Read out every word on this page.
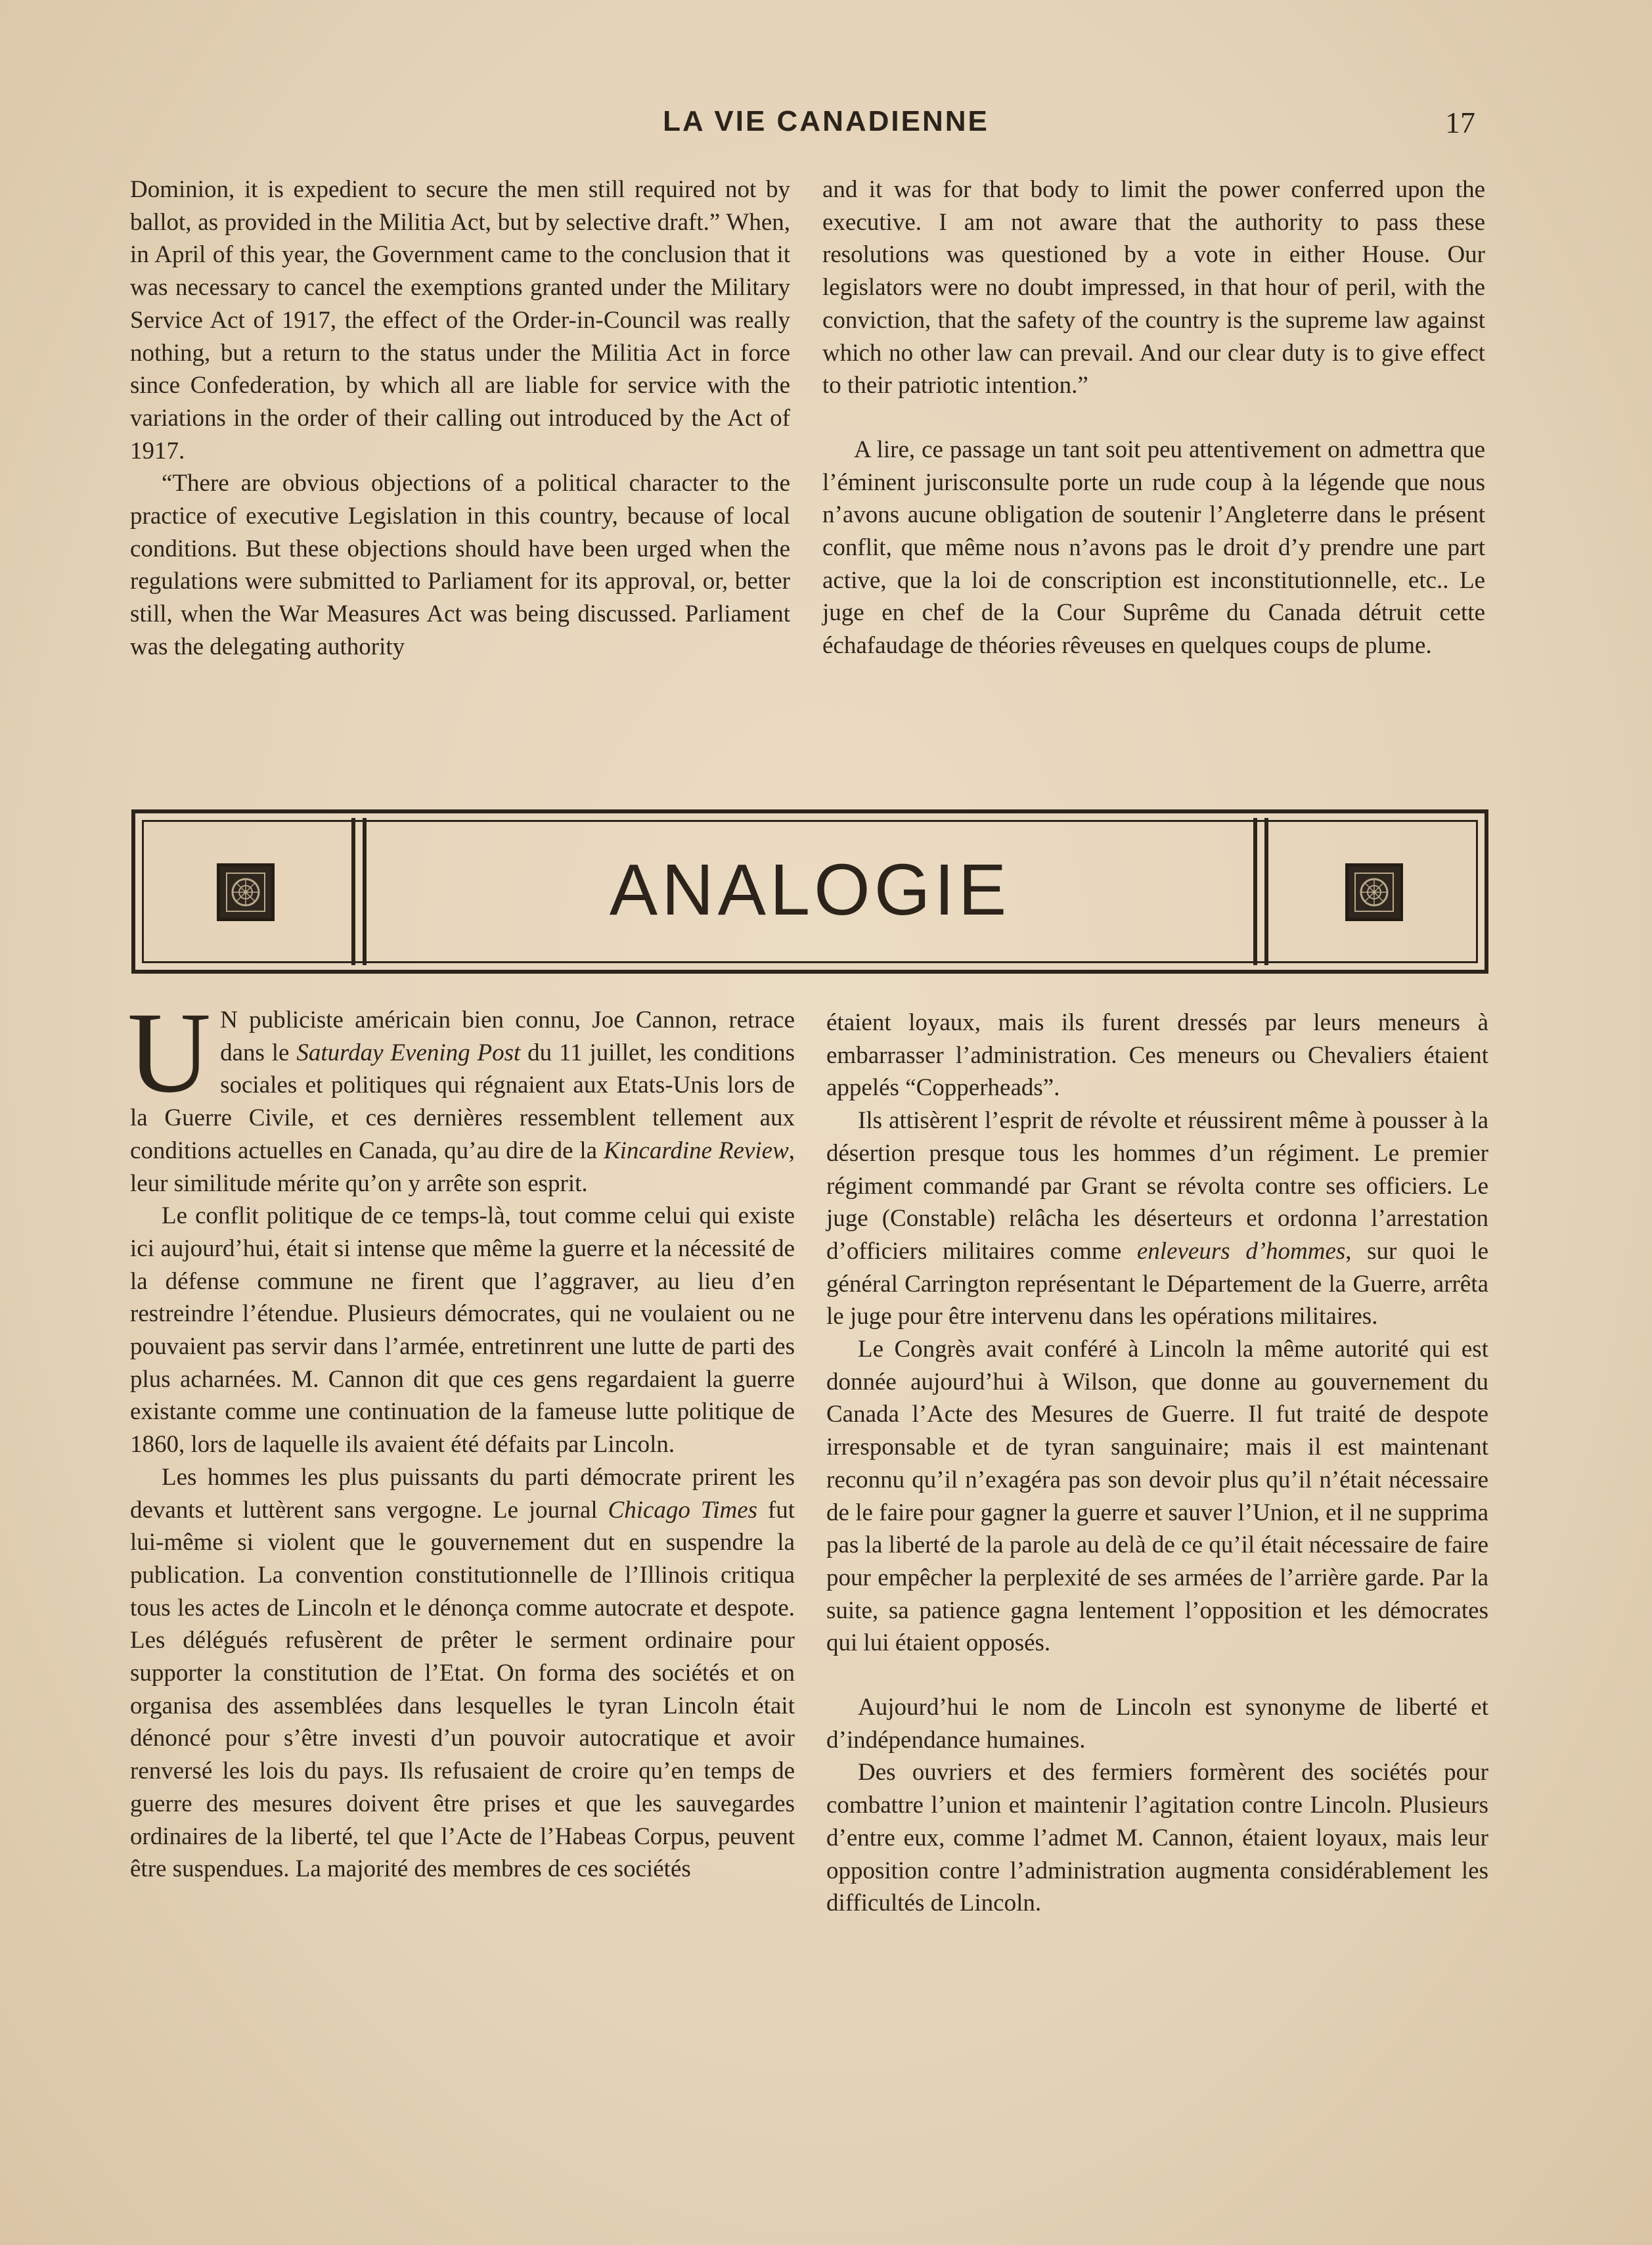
LA VIE CANADIENNE	17

Dominion, it is expedient to secure the men still required not by ballot, as provided in the Militia Act, but by selective draft.” When, in April of this year, the Government came to the conclusion that it was necessary to cancel the exemptions granted under the Military Service Act of 1917, the effect of the Order-in-Council was really nothing, but a return to the status under the Militia Act in force since Confederation, by which all are liable for service with the variations in the order of their calling out introduced by the Act of 1917.

“There are obvious objections of a political character to the practice of executive Legislation in this country, because of local conditions. But these objections should have been urged when the regulations were submitted to Parliament for its approval, or, better still, when the War Measures Act was being discussed. Parliament was the delegating authority

and it was for that body to limit the power conferred upon the executive. I am not aware that the authority to pass these resolutions was questioned by a vote in either House. Our legislators were no doubt impressed, in that hour of peril, with the conviction, that the safety of the country is the supreme law against which no other law can prevail. And our clear duty is to give effect to their patriotic intention.”

A lire, ce passage un tant soit peu attentivement on admettra que l’éminent jurisconsulte porte un rude coup à la légende que nous n’avons aucune obligation de soutenir l’Angleterre dans le présent conflit, que même nous n’avons pas le droit d’y prendre une part active, que la loi de conscription est inconstitutionnelle, etc.. Le juge en chef de la Cour Suprême du Canada détruit cette échafaudage de théories rêveuses en quelques coups de plume.

ANALOGIE

U N publiciste américain bien connu, Joe Cannon, retrace dans le Saturday Evening Post du 11 juillet, les conditions sociales et politiques qui régnaient aux Etats-Unis lors de la Guerre Civile, et ces dernières ressemblent tellement aux conditions actuelles en Canada, qu’au dire de la Kincardine Review, leur similitude mérite qu’on y arrête son esprit.

Le conflit politique de ce temps-là, tout comme celui qui existe ici aujourd’hui, était si intense que même la guerre et la nécessité de la défense commune ne firent que l’aggraver, au lieu d’en restreindre l’étendue. Plusieurs démocrates, qui ne voulaient ou ne pouvaient pas servir dans l’armée, entretinrent une lutte de parti des plus acharnées. M. Cannon dit que ces gens regardaient la guerre existante comme une continuation de la fameuse lutte politique de 1860, lors de laquelle ils avaient été défaits par Lincoln.

Les hommes les plus puissants du parti démocrate prirent les devants et luttèrent sans vergogne. Le journal Chicago Times fut lui-même si violent que le gouvernement dut en suspendre la publication. La convention constitutionnelle de l’Illinois critiqua tous les actes de Lincoln et le dénonça comme autocrate et despote. Les délégués refusèrent de prêter le serment ordinaire pour supporter la constitution de l’Etat. On forma des sociétés et on organisa des assemblées dans lesquelles le tyran Lincoln était dénoncé pour s’être investi d’un pouvoir autocratique et avoir renversé les lois du pays. Ils refusaient de croire qu’en temps de guerre des mesures doivent être prises et que les sauvegardes ordinaires de la liberté, tel que l’Acte de l’Habeas Corpus, peuvent être suspendues. La majorité des membres de ces sociétés

étaient loyaux, mais ils furent dressés par leurs meneurs à embarrasser l’administration. Ces meneurs ou Chevaliers étaient appelés “Copperheads”.

Ils attisèrent l’esprit de révolte et réussirent même à pousser à la désertion presque tous les hommes d’un régiment. Le premier régiment commandé par Grant se révolta contre ses officiers. Le juge (Constable) relâcha les déserteurs et ordonna l’arrestation d’officiers militaires comme enleveurs d’hommes, sur quoi le général Carrington représentant le Département de la Guerre, arrêta le juge pour être intervenu dans les opérations militaires.

Le Congrès avait conféré à Lincoln la même autorité qui est donnée aujourd’hui à Wilson, que donne au gouvernement du Canada l’Acte des Mesures de Guerre. Il fut traité de despote irresponsable et de tyran sanguinaire; mais il est maintenant reconnu qu’il n’exagéra pas son devoir plus qu’il n’était nécessaire de le faire pour gagner la guerre et sauver l’Union, et il ne supprima pas la liberté de la parole au delà de ce qu’il était nécessaire de faire pour empêcher la perplexité de ses armées de l’arrière garde. Par la suite, sa patience gagna lentement l’opposition et les démocrates qui lui étaient opposés.

Aujourd’hui le nom de Lincoln est synonyme de liberté et d’indépendance humaines.

Des ouvriers et des fermiers formèrent des sociétés pour combattre l’union et maintenir l’agitation contre Lincoln. Plusieurs d’entre eux, comme l’admet M. Cannon, étaient loyaux, mais leur opposition contre l’administration augmenta considérablement les difficultés de Lincoln.
